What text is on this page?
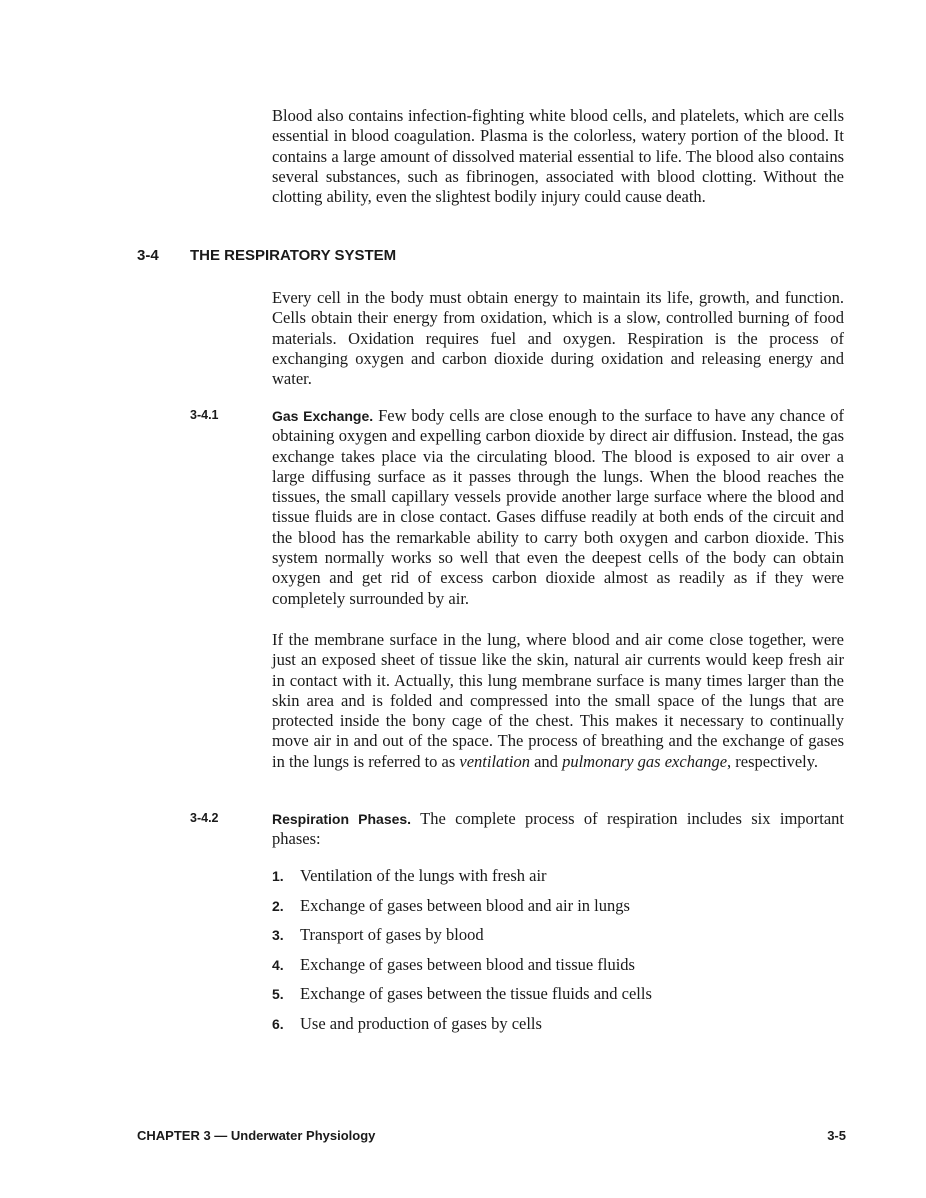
Blood also contains infection-fighting white blood cells, and platelets, which are cells essential in blood coagulation. Plasma is the colorless, watery portion of the blood. It contains a large amount of dissolved material essential to life. The blood also contains several substances, such as fibrinogen, associated with blood clotting. Without the clotting ability, even the slightest bodily injury could cause death.

3-4 THE RESPIRATORY SYSTEM

Every cell in the body must obtain energy to maintain its life, growth, and function. Cells obtain their energy from oxidation, which is a slow, controlled burning of food materials. Oxidation requires fuel and oxygen. Respiration is the process of exchanging oxygen and carbon dioxide during oxidation and releasing energy and water.

3-4.1	Gas Exchange. Few body cells are close enough to the surface to have any chance of obtaining oxygen and expelling carbon dioxide by direct air diffusion. Instead, the gas exchange takes place via the circulating blood. The blood is exposed to air over a large diffusing surface as it passes through the lungs. When the blood reaches the tissues, the small capillary vessels provide another large surface where the blood and tissue fluids are in close contact. Gases diffuse readily at both ends of the circuit and the blood has the remarkable ability to carry both oxygen and carbon dioxide. This system normally works so well that even the deepest cells of the body can obtain oxygen and get rid of excess carbon dioxide almost as readily as if they were completely surrounded by air.

If the membrane surface in the lung, where blood and air come close together, were just an exposed sheet of tissue like the skin, natural air currents would keep fresh air in contact with it. Actually, this lung membrane surface is many times larger than the skin area and is folded and compressed into the small space of the lungs that are protected inside the bony cage of the chest. This makes it necessary to continually move air in and out of the space. The process of breathing and the exchange of gases in the lungs is referred to as ventilation and pulmonary gas exchange, respectively.

3-4.2	Respiration Phases. The complete process of respiration includes six important phases:

1. Ventilation of the lungs with fresh air
2. Exchange of gases between blood and air in lungs
3. Transport of gases by blood
4. Exchange of gases between blood and tissue fluids
5. Exchange of gases between the tissue fluids and cells
6. Use and production of gases by cells
CHAPTER 3 — Underwater Physiology	3-5
